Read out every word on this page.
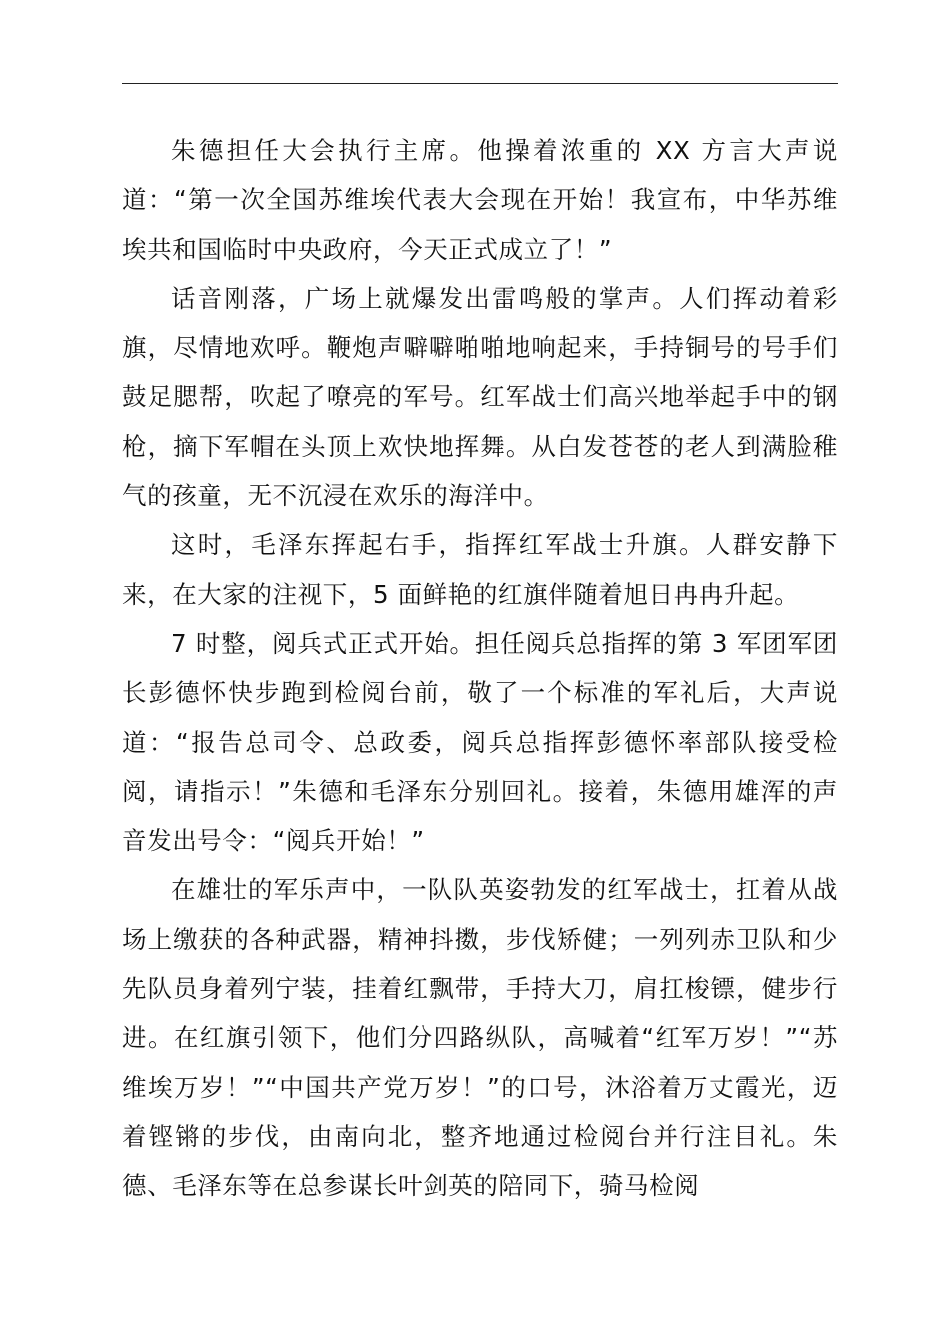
朱德担任大会执行主席。他操着浓重的 XX 方言大声说道：“第一次全国苏维埃代表大会现在开始！我宣布，中华苏维埃共和国临时中央政府，今天正式成立了！”

话音刚落，广场上就爆发出雷鸣般的掌声。人们挥动着彩旗，尽情地欢呼。鞭炮声噼噼啪啪地响起来，手持铜号的号手们鼓足腮帮，吹起了嘹亮的军号。红军战士们高兴地举起手中的钢枪，摘下军帽在头顶上欢快地挥舞。从白发苍苍的老人到满脸稚气的孩童，无不沉浸在欢乐的海洋中。

这时，毛泽东挥起右手，指挥红军战士升旗。人群安静下来，在大家的注视下，5 面鲜艳的红旗伴随着旭日冉冉升起。

7 时整，阅兵式正式开始。担任阅兵总指挥的第 3 军团军团长彭德怀快步跑到检阅台前，敬了一个标准的军礼后，大声说道：“报告总司令、总政委，阅兵总指挥彭德怀率部队接受检阅，请指示！”朱德和毛泽东分别回礼。接着，朱德用雄浑的声音发出号令：“阅兵开始！”

在雄壮的军乐声中，一队队英姿勃发的红军战士，扛着从战场上缴获的各种武器，精神抖擞，步伐矫健；一列列赤卫队和少先队员身着列宁装，挂着红飘带，手持大刀，肩扛梭镖，健步行进。在红旗引领下，他们分四路纵队，高喊着“红军万岁！”“苏维埃万岁！”“中国共产党万岁！”的口号，沐浴着万丈霞光，迈着铿锵的步伐，由南向北，整齐地通过检阅台并行注目礼。朱德、毛泽东等在总参谋长叶剑英的陪同下，骑马检阅
